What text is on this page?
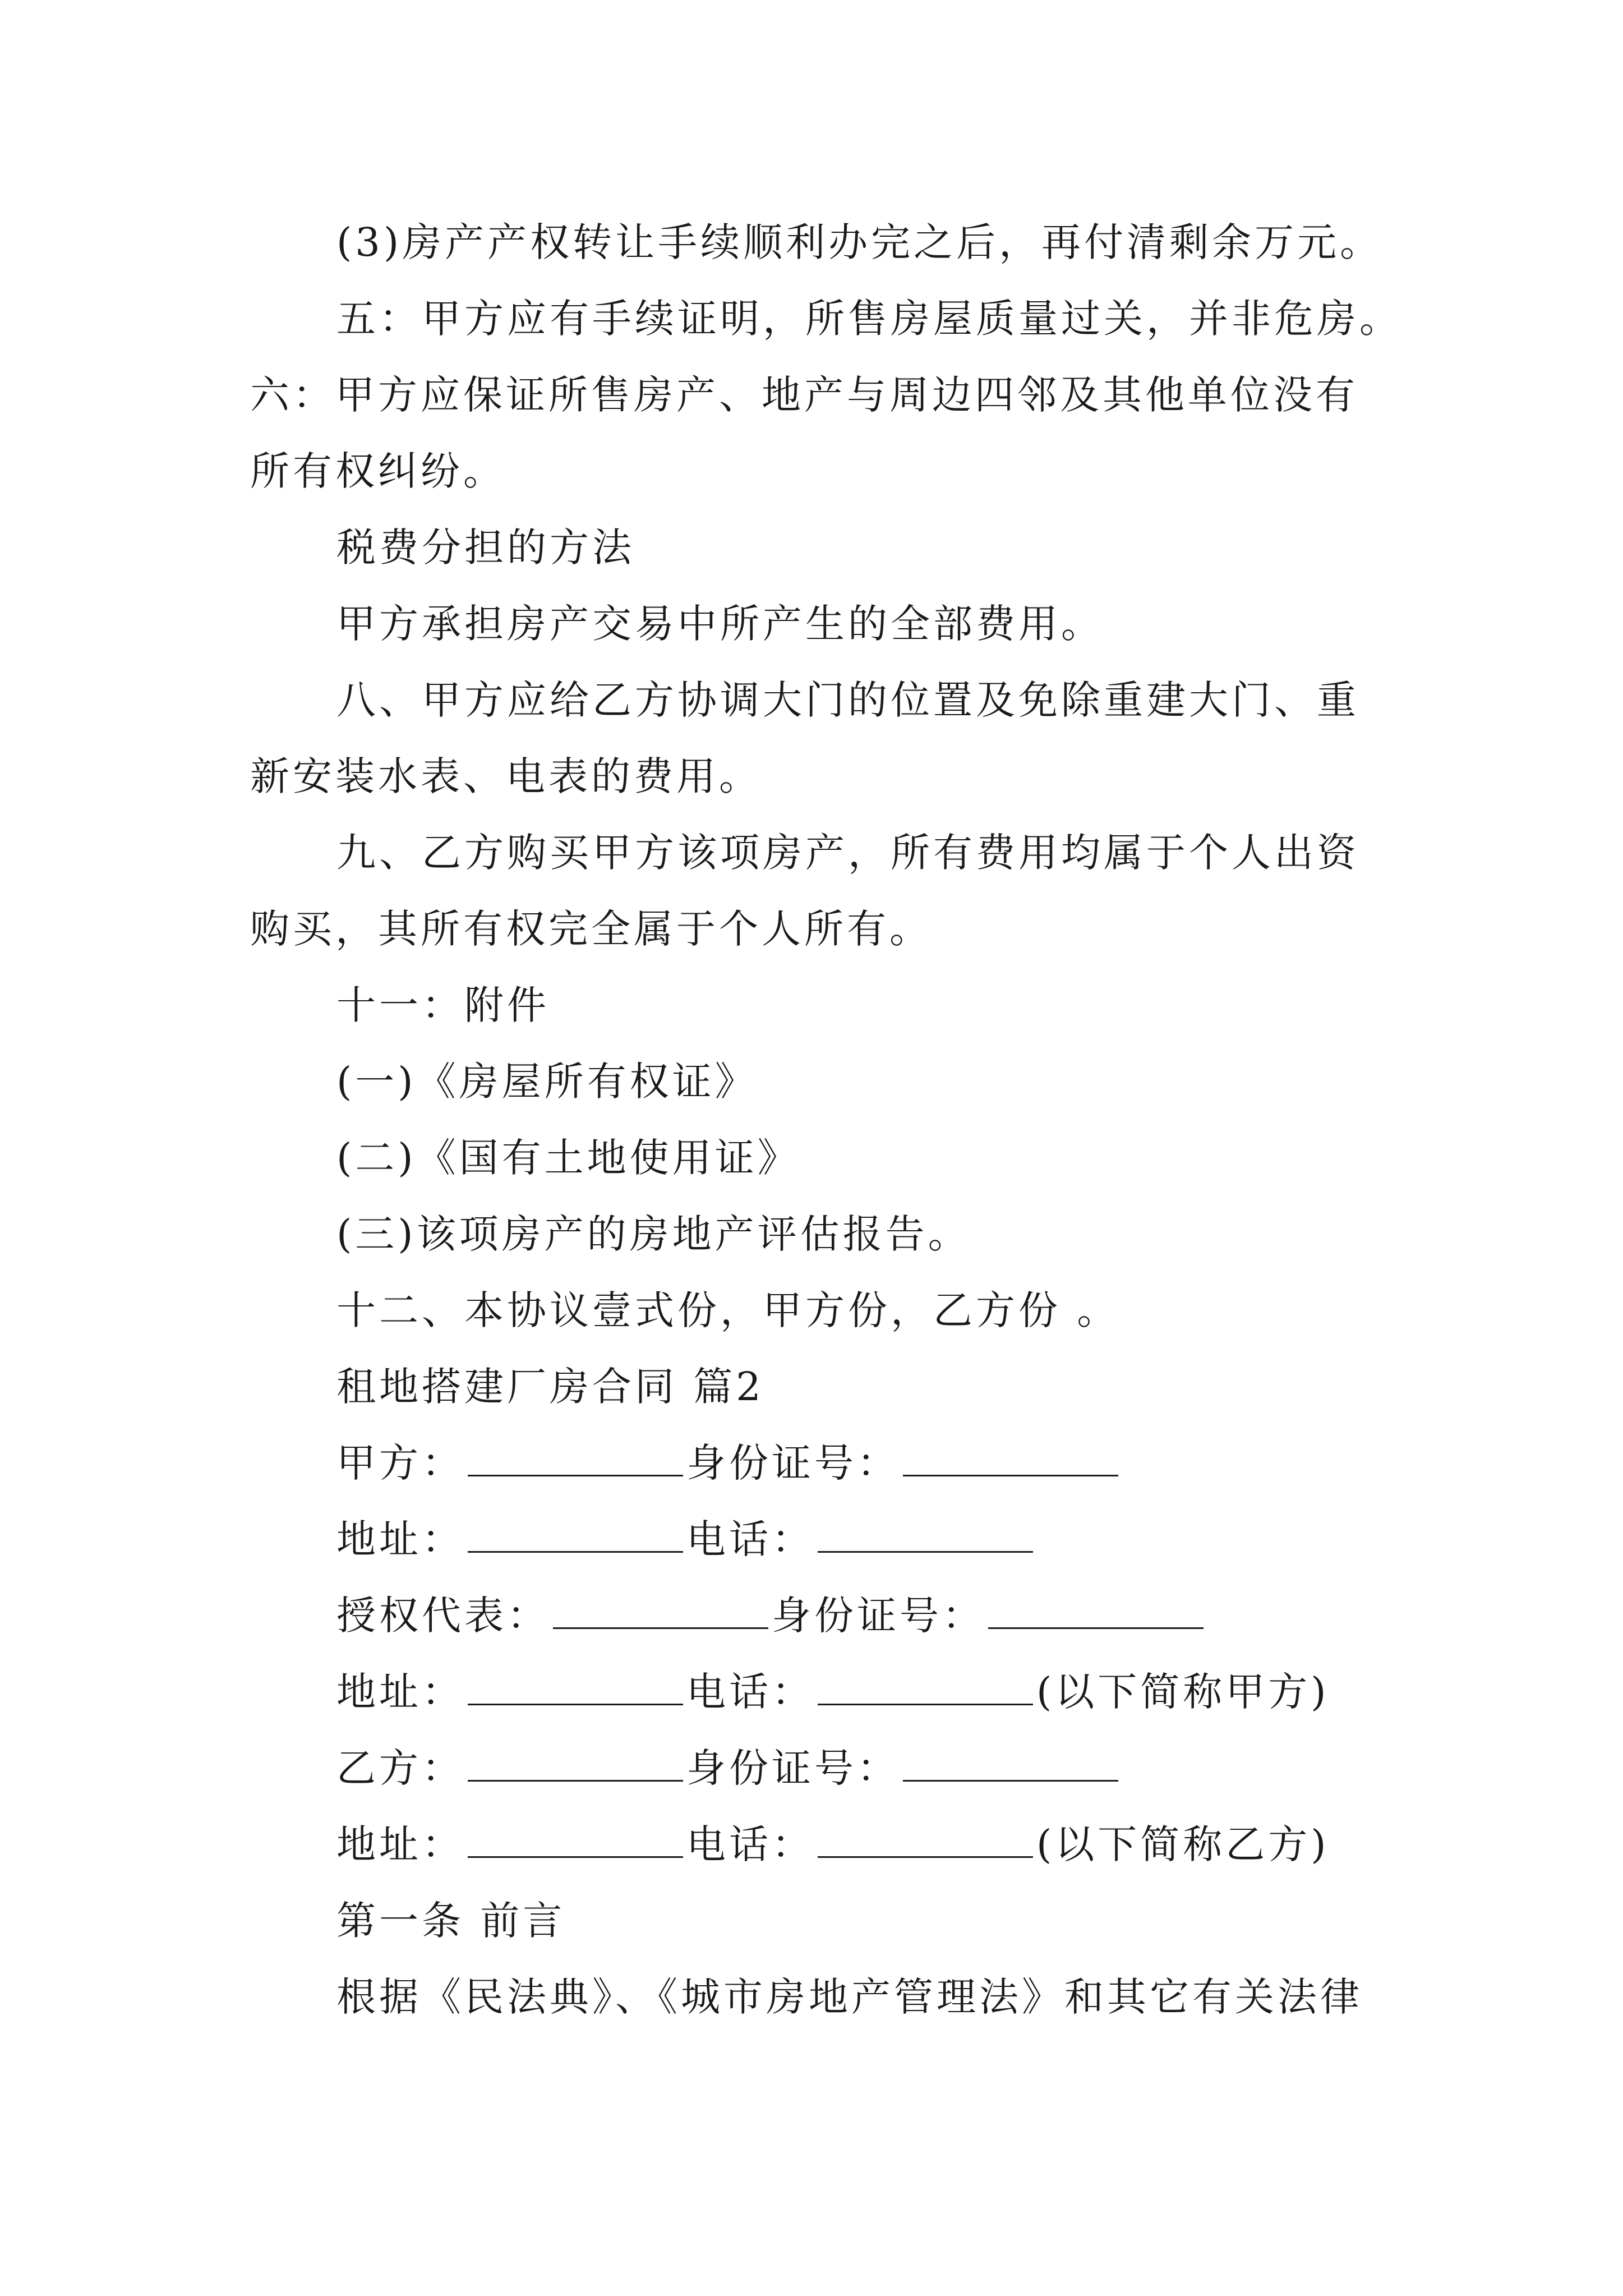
(3)房产产权转让手续顺利办完之后，再付清剩余万元。
五：甲方应有手续证明，所售房屋质量过关，并非危房。
六：甲方应保证所售房产、地产与周边四邻及其他单位没有
所有权纠纷。
税费分担的方法
甲方承担房产交易中所产生的全部费用。
八、甲方应给乙方协调大门的位置及免除重建大门、重
新安装水表、电表的费用。
九、乙方购买甲方该项房产，所有费用均属于个人出资
购买，其所有权完全属于个人所有。
十一：附件
(一)《房屋所有权证》
(二)《国有土地使用证》
(三)该项房产的房地产评估报告。
十二、本协议壹式份，甲方份，乙方份 。
租地搭建厂房合同 篇2
甲方：	身份证号：
地址：	电话：
授权代表：	身份证号：
地址：	电话：	(以下简称甲方)
乙方：	身份证号：
地址：	电话：	(以下简称乙方)
第一条 前言
根据《民法典》、《城市房地产管理法》和其它有关法律
